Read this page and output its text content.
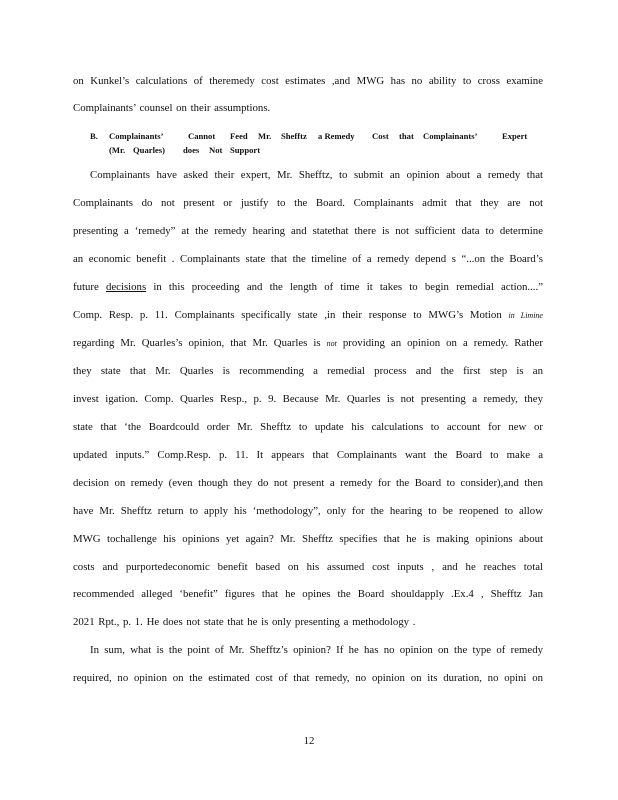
on Kunkel’s calculations of theremedy cost estimates ,and MWG has no ability to cross examine
Complainants’ counsel on their assumptions.
B. Complainants’	Cannot Feed Mr. Shefftz a Remedy Cost that Complainants’	Expert
(Mr. Quarles) does Not Support
Complainants have asked their expert, Mr. Shefftz, to submit an opinion about a remedy that
Complainants do not present or justify to the Board. Complainants admit that they are not
presenting a ‘remedy” at the remedy hearing and statethat there is not sufficient data to determine
an economic benefit . Complainants state that the timeline of a remedy depend s “...on the Board’s
future decisions in this proceeding and the length of time it takes to begin remedial action....”
Comp. Resp. p. 11. Complainants specifically state ,in their response to MWG’s Motion in Limine
regarding Mr. Quarles’s opinion, that Mr. Quarles is not providing an opinion on a remedy. Rather
they state that Mr. Quarles is recommending a remedial process and the first step is an
invest igation. Comp. Quarles Resp., p. 9. Because Mr. Quarles is not presenting a remedy, they
state that ‘the Boardcould order Mr. Shefftz to update his calculations to account for new or
updated inputs.” Comp.Resp. p. 11. It appears that Complainants want the Board to make a
decision on remedy (even though they do not present a remedy for the Board to consider),and then
have Mr. Shefftz return to apply his ‘methodology”, only for the hearing to be reopened to allow
MWG tochallenge his opinions yet again? Mr. Shefftz specifies that he is making opinions about
costs and purportedeconomic benefit based on his assumed cost inputs , and he reaches total
recommended alleged ‘benefit” figures that he opines the Board shouldapply .Ex.4 , Shefftz Jan
2021 Rpt., p. 1. He does not state that he is only presenting a methodology .
In sum, what is the point of Mr. Shefftz’s opinion? If he has no opinion on the type of remedy
required, no opinion on the estimated cost of that remedy, no opinion on its duration, no opini on
12
